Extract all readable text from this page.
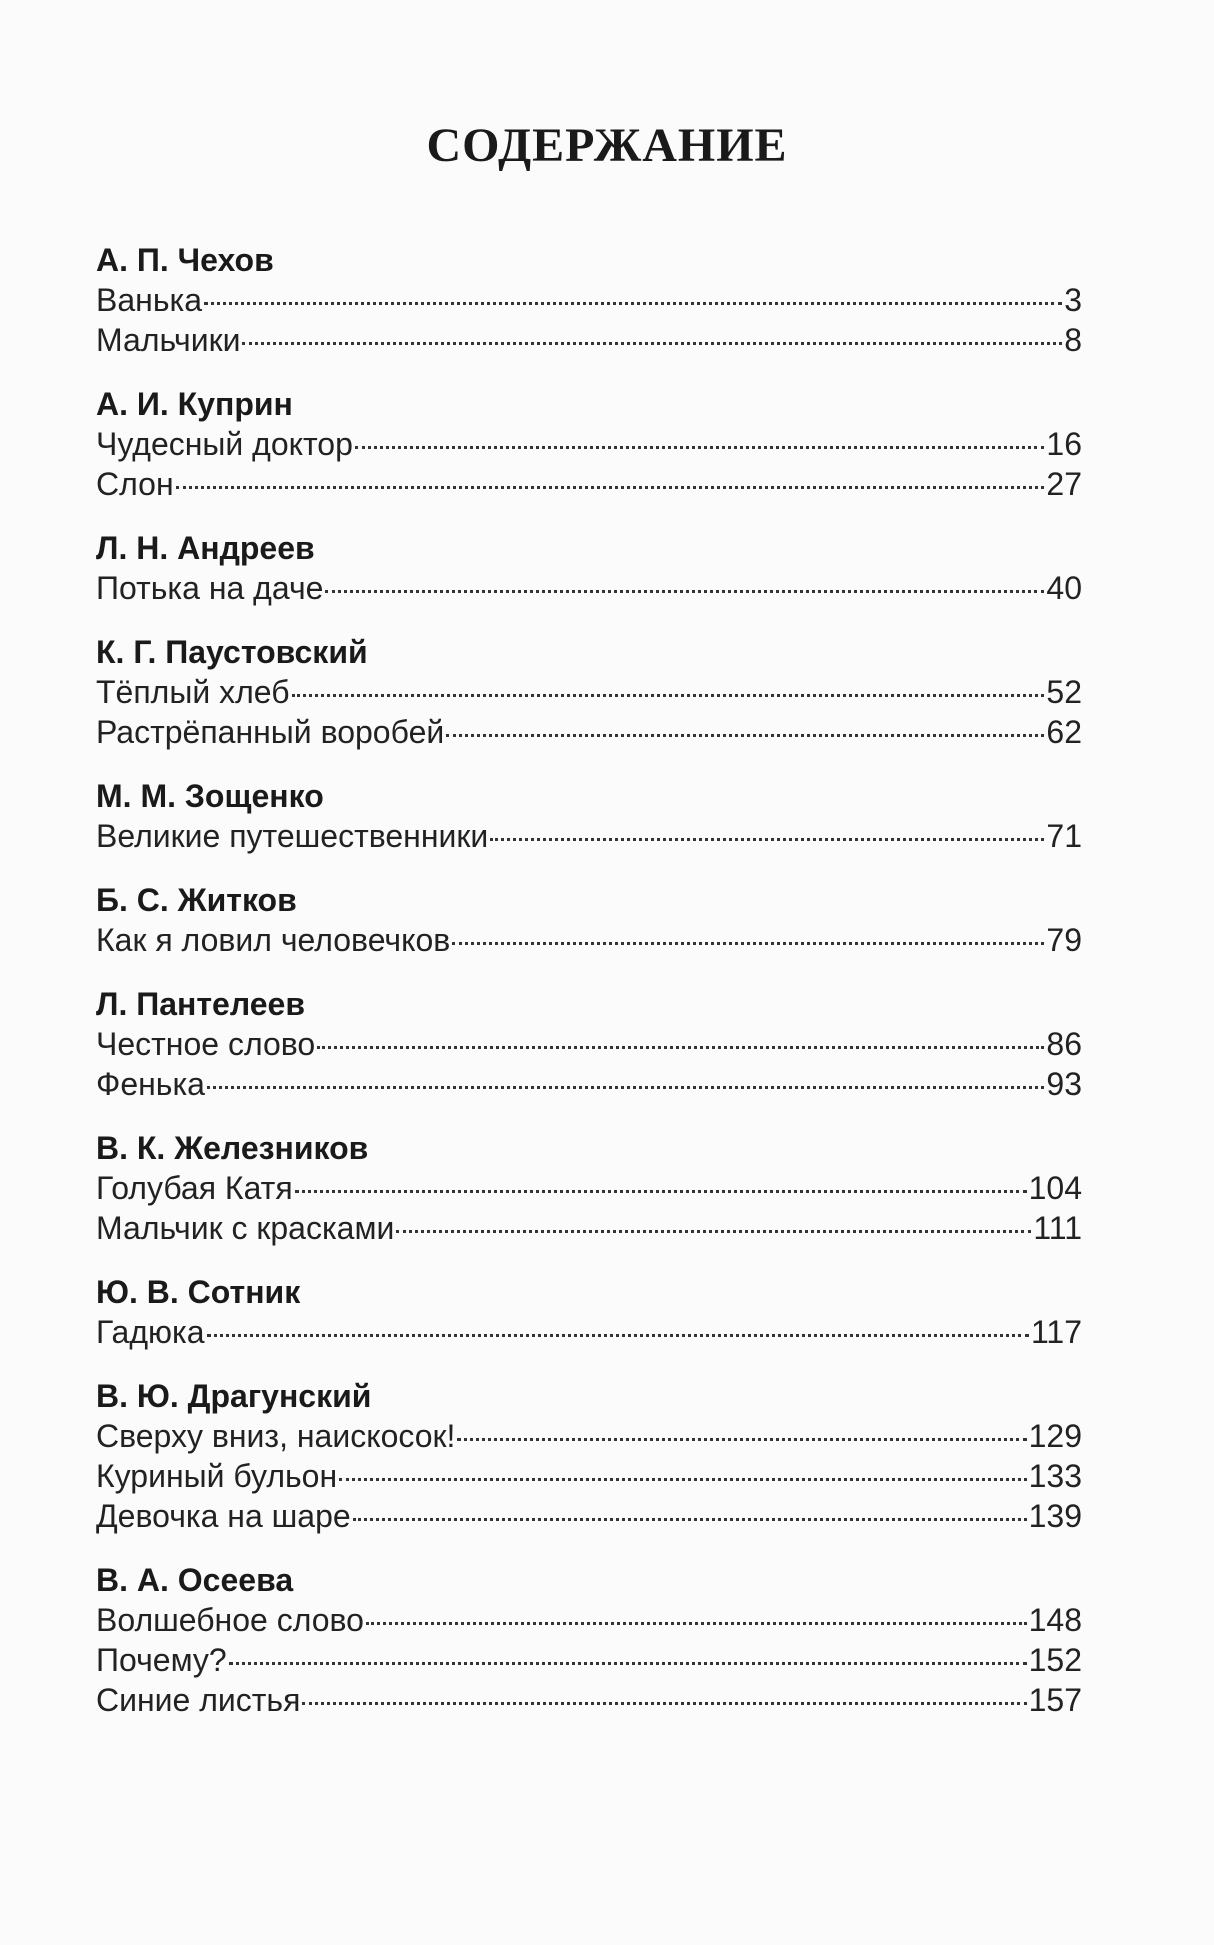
СОДЕРЖАНИЕ
А. П. Чехов
Ванька	3
Мальчики	8
А. И. Куприн
Чудесный доктор	16
Слон	27
Л. Н. Андреев
Потька на даче	40
К. Г. Паустовский
Тёплый хлеб	52
Растрёпанный воробей	62
М. М. Зощенко
Великие путешественники	71
Б. С. Житков
Как я ловил человечков	79
Л. Пантелеев
Честное слово	86
Фенька	93
В. К. Железников
Голубая Катя	104
Мальчик с красками	111
Ю. В. Сотник
Гадюка	117
В. Ю. Драгунский
Сверху вниз, наискосок!	129
Куриный бульон	133
Девочка на шаре	139
В. А. Осеева
Волшебное слово	148
Почему?	152
Синие листья	157
